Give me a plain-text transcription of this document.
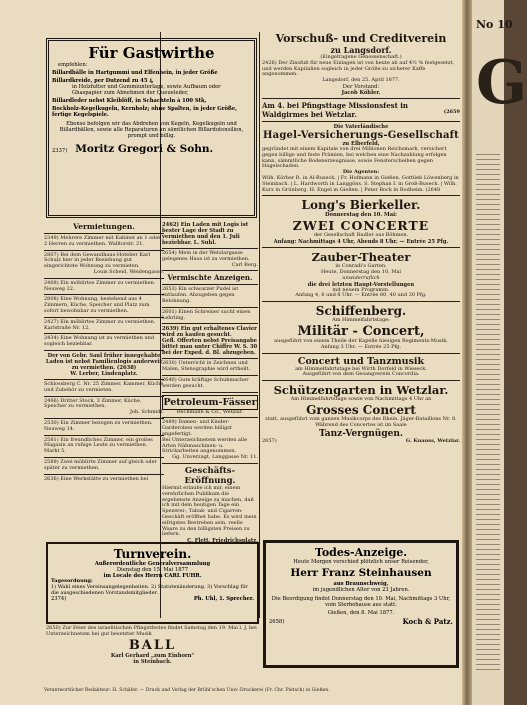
No 10
G
Für Gastwirthe

empfehlen:

Billardbälle in Hartgummi und Elfenbein, in jeder Größe

Billardkreide, per Dutzend zu 45 ₰,

in Holzfutter und Gummiunterlage, sowie Aufbaum oder Ghaspapier zum Abnehmen der Queueleder,

Billardleder nebst Kleiblöff, in Schachteln à 100 Stk,

Bockholz-Kegelkugeln, Kernholz; ohne Spalten, in jeder Größe,

fertige Kegelspiele.

Ebenso befolgen wir das Abdrehen von Kegeln, Kegelkugeln und Billardbällen, sowie alle Reparaturen an sämtlichen Billardutensilien, prompt und billig.

2337) Moritz Gregori & Sohn.
Vermietungen.

2349) Mehrere Zimmer mit Kabinet an 1 oder 2 Herren zu vermiethen. Walltorstr. 21.

2807) Bei dem Gewandhaus-Hotelier Karl Schulz hier in jeder Beziehung gut eingerichtete Wohnung zu vermieten.

Louis Scheid, Weidengasse.

2408) Ein möblirtes Zimmer zu vermiethen. Neuweg 22.

2808) Eine Wohnung, bestehend aus 4 Zimmern, Küche, Speicher und Platz zum sofort bewohnbar zu vermiethen.

2427) Ein möblirtes Zimmer zu vermiethen. Karlstraße Nr. 12.

2434) Eine Wohnung ist zu vermiethen und sogleich beziehbar.

Der von Gebr. Saul früher innegehabte Laden ist nebst Familienlogis anderweit zu vermiethen. (2638)

W. Lerber, Lindenplatz.

Schlossberg C. Nr. 25 Zimmer, Kammer, Küche und Zubehör zu vermieten.

2466) Dritter Stock, 3 Zimmer, Küche, Speicher zu vermiethen.

Joh. Schmidt.

2530) Ein Zimmer bezogen zu vermiethen. Neuweg 14.

2581) Ein freundliches Zimmer, ein großes Magazin an ruhige Leute zu vermiethen. Markt 5.

2589) Zwei möblirte Zimmer auf gleich oder später zu vermiethen.

2636) Eine Werkstätte zu vermiethen bei

2462) Ein Laden mit Logis ist bester Lage der Stadt zu vermiethen und den 1. Juli beziehbar. L. Suhl.

2654) Mein in der Wetzlargasse gelegenes Haus ist zu vermiethen.

Carl Berg.

Vermischte Anzeigen.

2653) Ein schwarzer Pudel ist entlaufen. Abzugeben gegen Belohnung.

2601) Einen Schreiner sucht einen Lehrling.

2639) Ein gut erhaltenes Clavier wird zu kaufen gesucht.

Gefl. Offerten nebst Preisangabe bittet man unter Chiffre W. S. 30 bei der Exped. d. Bl. abzugeben.

2630) Unterricht in Zeichnen und Malen, Stenographie wird ertheilt.

2640) Gute kräftige Schuhmacher werden gesucht.

Petroleum-Fässer

Rechmann & Co., Wetzlar.

2489) Damen- und Kinder-Garderoben werden billigst angefertigt.

Bei Unterzeichnetem werden alle Arten Nähmaschinen- u. Strickarbeiten angenommen.

Gg. Unverzagt, Langgasse Nr. 11.

Geschäfts-Eröffnung.

Hiermit erlaube ich mir, einem verehrlichen Publikum die ergebenste Anzeige zu machen, daß ich mit dem heutigen Tage ein Spezerei-, Tabak- und Cigarren-Geschäft eröffnet habe. Es wird mein eifrigstes Bestreben sein, reelle Waare zu den billigsten Preisen zu liefern.

C. Flett, Friedrichsplatz.

Vorschuß- und Creditverein
zu Langsdorf.

(Eingetragene Genossenschaft.)

2426) Der Zinsfuß für neue Einlagen ist von heute ab auf 4½ % festgesetzt, und werden Kapitalien sogleich in jeder Größe zu sicherer Kaffe angenommen.

Langsdorf, den 25. April 1877.

Der Vorstand:

Jacob Köhler.

Am 4. bei Pfingsttage Missionsfest in
Waldgirmes bei Wetzlar.	(2659

Die Vaterländische

Hagel-Versicherungs-Gesellschaft

zu Elberfeld,

gegründet mit einem Kapitale von drei Millionen Reichsmark, versichert gegen billige und feste Prämien, bei welchen eine Nachzahlung erfolgen kann, sämmtliche Bodenerzeugnisse, sowie Fensterscheiben gegen Hagelschaden.

Die Agenten:

Wilh. Körber R. in Al-Buseck. | Fr. Hofmann in Gießen. Gottlieb Löwenberg in Steinbach. | L. Hardworth in Langgöns. S. Stephan I. in Groß-Buseck. | Wilh. Kurz in Grünberg. H. Engel in Gießen. | Peter Bock in Rodheim. (2648

Long's Bierkeller.

Donnerstag den 10. Mai:

ZWEI CONCERTE

der Gesellschaft Rudler aus Böhmen.

Anfang: Nachmittags 4 Uhr, Abends 8 Uhr. — Entrée 25 Pfg.

Zauber-Theater

in Conradi's Garten.

Heute, Donnerstag den 10. Mai

unwiderruflich

die drei letzten Haupt-Vorstellungen

mit neuem Programm.

Anfang 4, 6 und 8 Uhr. — Entrée 60, 40 und 20 Pfg.

Schiffenberg.

Am Himmelfahrtstage:

Militär - Concert,

ausgeführt von einem Theile der Kapelle hiesigen Regiments-Musik.

Anfang 3 Uhr. — Entrée 25 Pfg.

Concert und Tanzmusik

am Himmelfahrtstage bei Wirth Dorfeld in Wieseck.

Ausgeführt von dem Gesangverein Concordia.

Schützengarten in Wetzlar.

Am Himmelfahrtstage sowie von Nachmittags 4 Uhr an

Grosses Concert

statt, ausgeführt vom ganzen Musikcorps des Rhein. Jäger-Bataillons Nr. 8.

Während des Concertes ist im Saale

Tanz-Vergnügen.
2657)	G. Knauss, Wetzlar.
Turnverein.

Außerordentliche Generalversammlung

Dienstag den 15. Mai 1877

im Locale des Herrn CARL FUHR.

Tagesordnung:

1) Wahl eines Vereinsangelegenheiten. 2) Statutenänderung. 3) Vorschlag für die ausgeschiedenen Vorstandsmitglieder.

2374)	Ph. Uhl, 1. Sprecher.

2650) Zur Feier des israelitischen Pfingstfestes findet Samstag den 19. Mai l. J. bei Unterzeichnetem bei gut besetzter Musik

BALL

Karl Gerhard „zum Einhorn"

in Steinbach.

Todes-Anzeige.

Heute Morgen verschied plötzlich unser Reisender,

Herr Franz Steinhausen

aus Braunschweig,

im jugendlichen Alter von 23 Jahren.

Die Beerdigung findet Donnerstag den 10. Mai, Nachmittags 3 Uhr, vom Sterbehause aus statt.

Gießen, den 8. Mai 1877.

2658)	Koch & Patz.
Verantwortlicher Redakteur: H. Schäfer. — Druck und Verlag der Brühl'schen Univ.-Druckerei (Fr. Chr. Pietsch) in Gießen.
